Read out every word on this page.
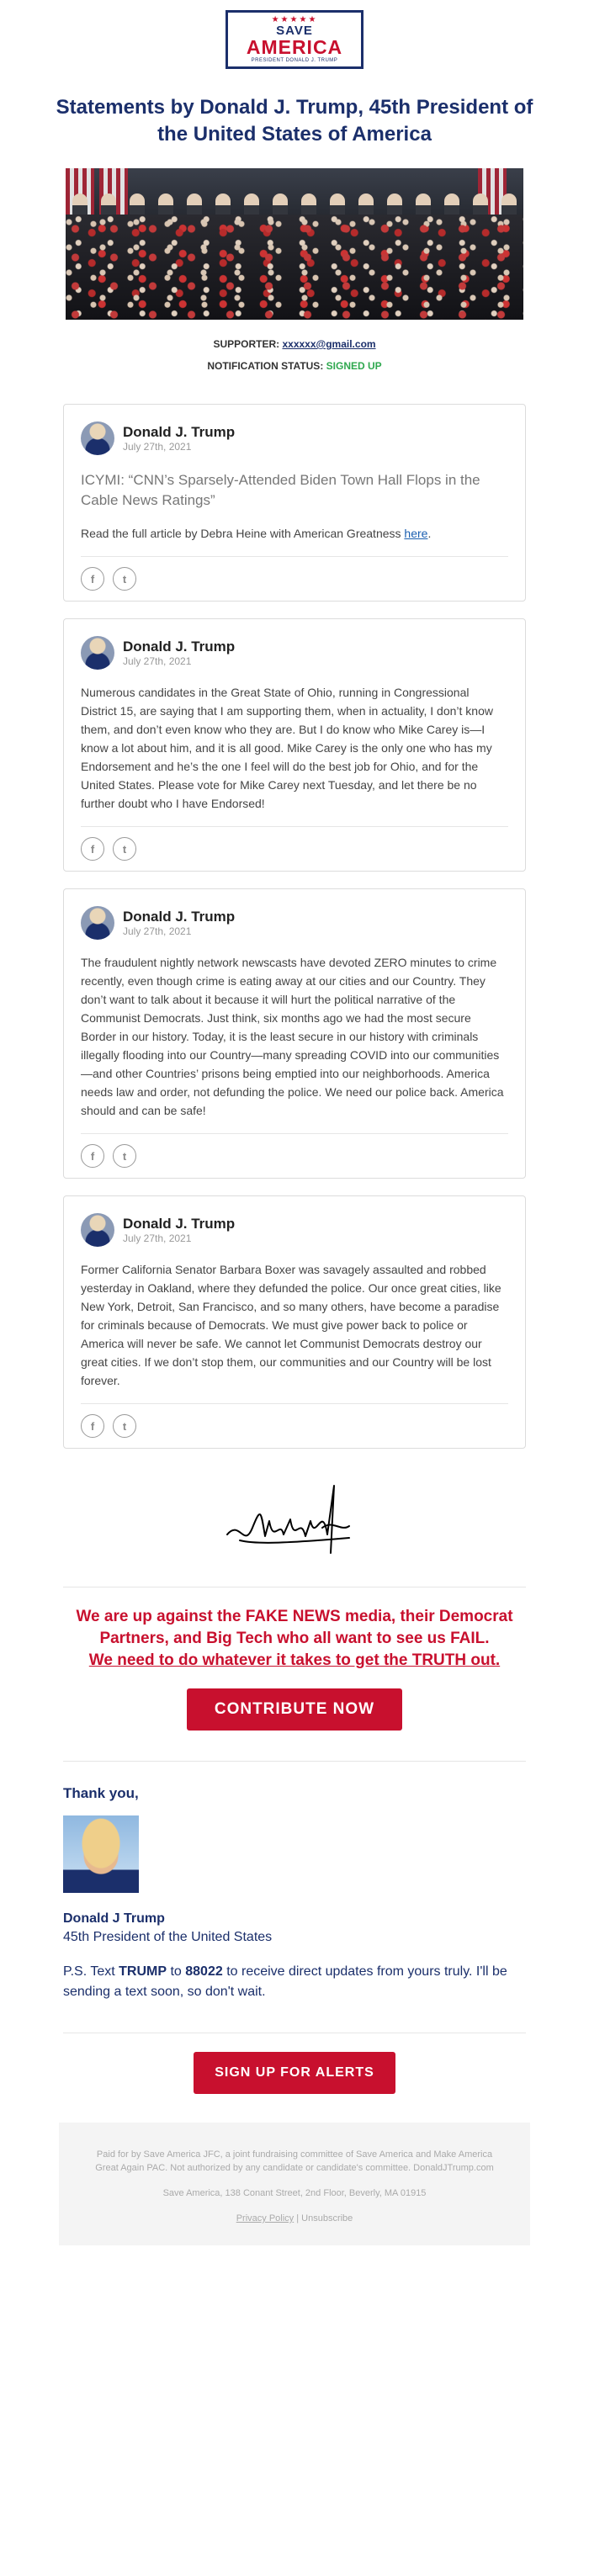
★★★★★
SAVE
AMERICA
PRESIDENT DONALD J. TRUMP
Statements by Donald J. Trump, 45th President of the United States of America
SUPPORTER: xxxxxx@gmail.com
NOTIFICATION STATUS: SIGNED UP
Donald J. Trump
July 27th, 2021
ICYMI: “CNN’s Sparsely-Attended Biden Town Hall Flops in the Cable News Ratings”
Read the full article by Debra Heine with American Greatness here.
f	t
Donald J. Trump
July 27th, 2021
Numerous candidates in the Great State of Ohio, running in Congressional District 15, are saying that I am supporting them, when in actuality, I don’t know them, and don’t even know who they are. But I do know who Mike Carey is—I know a lot about him, and it is all good. Mike Carey is the only one who has my Endorsement and he’s the one I feel will do the best job for Ohio, and for the United States. Please vote for Mike Carey next Tuesday, and let there be no further doubt who I have Endorsed!
f	t
Donald J. Trump
July 27th, 2021
The fraudulent nightly network newscasts have devoted ZERO minutes to crime recently, even though crime is eating away at our cities and our Country. They don’t want to talk about it because it will hurt the political narrative of the Communist Democrats. Just think, six months ago we had the most secure Border in our history. Today, it is the least secure in our history with criminals illegally flooding into our Country—many spreading COVID into our communities—and other Countries’ prisons being emptied into our neighborhoods. America needs law and order, not defunding the police. We need our police back. America should and can be safe!
f	t
Donald J. Trump
July 27th, 2021
Former California Senator Barbara Boxer was savagely assaulted and robbed yesterday in Oakland, where they defunded the police. Our once great cities, like New York, Detroit, San Francisco, and so many others, have become a paradise for criminals because of Democrats. We must give power back to police or America will never be safe. We cannot let Communist Democrats destroy our great cities. If we don’t stop them, our communities and our Country will be lost forever.
f	t
We are up against the FAKE NEWS media, their Democrat Partners, and Big Tech who all want to see us FAIL.
We need to do whatever it takes to get the TRUTH out.
CONTRIBUTE NOW
Thank you,
Donald J Trump
45th President of the United States
P.S. Text TRUMP to 88022 to receive direct updates from yours truly. I'll be sending a text soon, so don't wait.
SIGN UP FOR ALERTS
Paid for by Save America JFC, a joint fundraising committee of Save America and Make America Great Again PAC. Not authorized by any candidate or candidate's committee. DonaldJTrump.com
Save America, 138 Conant Street, 2nd Floor, Beverly, MA 01915
Privacy Policy | Unsubscribe
